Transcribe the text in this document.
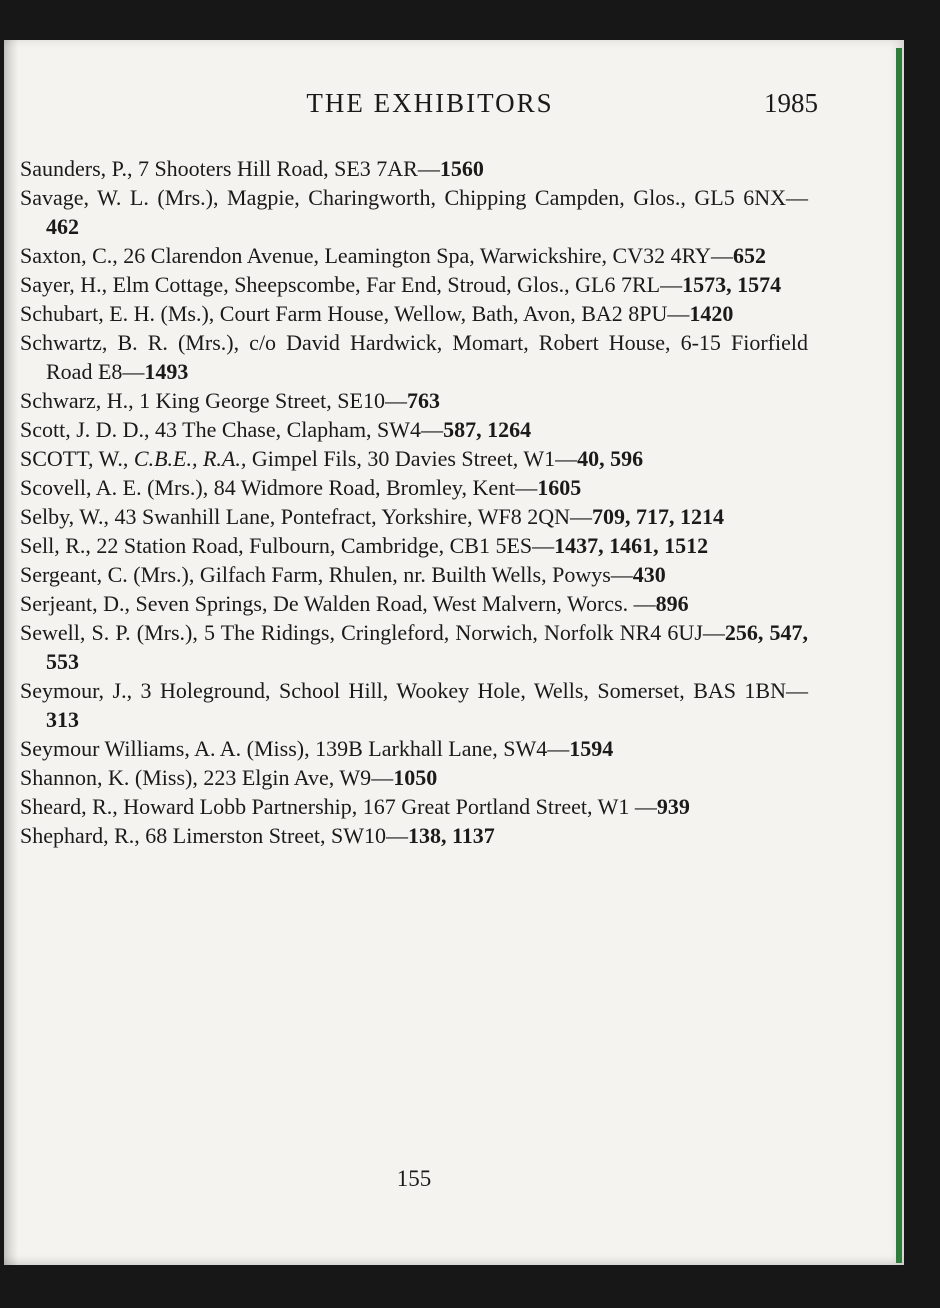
THE EXHIBITORS	1985

Saunders, P., 7 Shooters Hill Road, SE3 7AR—1560

Savage, W. L. (Mrs.), Magpie, Charingworth, Chipping Campden, Glos., GL5 6NX—462

Saxton, C., 26 Clarendon Avenue, Leamington Spa, Warwickshire, CV32 4RY—652

Sayer, H., Elm Cottage, Sheepscombe, Far End, Stroud, Glos., GL6 7RL—1573, 1574

Schubart, E. H. (Ms.), Court Farm House, Wellow, Bath, Avon, BA2 8PU—1420

Schwartz, B. R. (Mrs.), c/o David Hardwick, Momart, Robert House, 6-15 Fiorfield Road E8—1493

Schwarz, H., 1 King George Street, SE10—763

Scott, J. D. D., 43 The Chase, Clapham, SW4—587, 1264

SCOTT, W., C.B.E., R.A., Gimpel Fils, 30 Davies Street, W1—40, 596

Scovell, A. E. (Mrs.), 84 Widmore Road, Bromley, Kent—1605

Selby, W., 43 Swanhill Lane, Pontefract, Yorkshire, WF8 2QN—709, 717, 1214

Sell, R., 22 Station Road, Fulbourn, Cambridge, CB1 5ES—1437, 1461, 1512

Sergeant, C. (Mrs.), Gilfach Farm, Rhulen, nr. Builth Wells, Powys—430

Serjeant, D., Seven Springs, De Walden Road, West Malvern, Worcs. —896

Sewell, S. P. (Mrs.), 5 The Ridings, Cringleford, Norwich, Norfolk NR4 6UJ—256, 547, 553

Seymour, J., 3 Holeground, School Hill, Wookey Hole, Wells, Somerset, BAS 1BN—313

Seymour Williams, A. A. (Miss), 139B Larkhall Lane, SW4—1594

Shannon, K. (Miss), 223 Elgin Ave, W9—1050

Sheard, R., Howard Lobb Partnership, 167 Great Portland Street, W1 —939

Shephard, R., 68 Limerston Street, SW10—138, 1137

155
